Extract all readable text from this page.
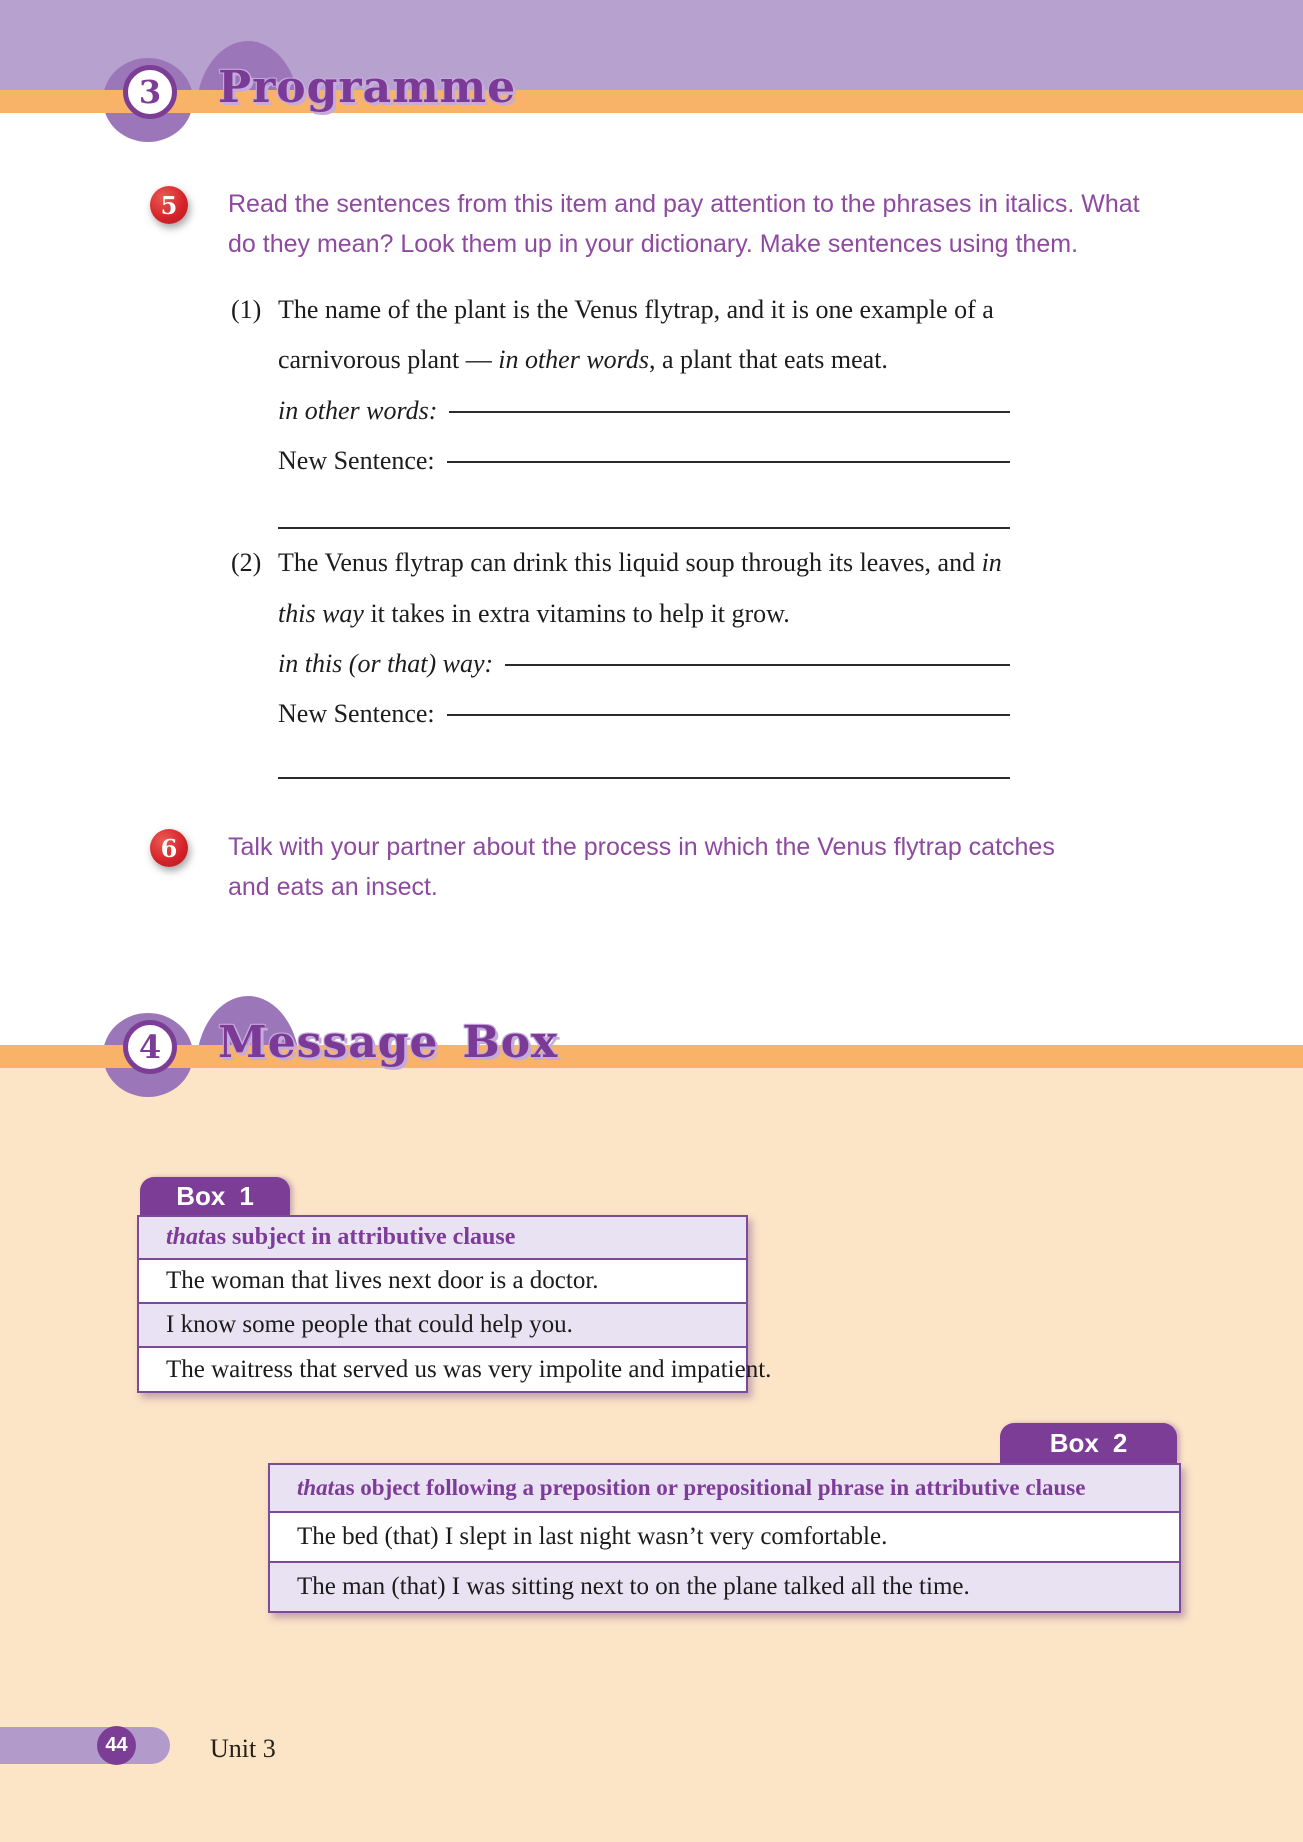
3 Programme
5 Read the sentences from this item and pay attention to the phrases in italics. What
do they mean? Look them up in your dictionary. Make sentences using them.
(1) The name of the plant is the Venus flytrap, and it is one example of a
carnivorous plant — in other words, a plant that eats meat.
in other words:
New Sentence:
(2) The Venus flytrap can drink this liquid soup through its leaves, and in
this way it takes in extra vitamins to help it grow.
in this (or that) way:
New Sentence:
6 Talk with your partner about the process in which the Venus flytrap catches
and eats an insect.
4 Message Box
Box 1
that as subject in attributive clause
The woman that lives next door is a doctor.
I know some people that could help you.
The waitress that served us was very impolite and impatient.
Box 2
that as object following a preposition or prepositional phrase in attributive clause
The bed (that) I slept in last night wasn’t very comfortable.
The man (that) I was sitting next to on the plane talked all the time.
44	Unit 3
